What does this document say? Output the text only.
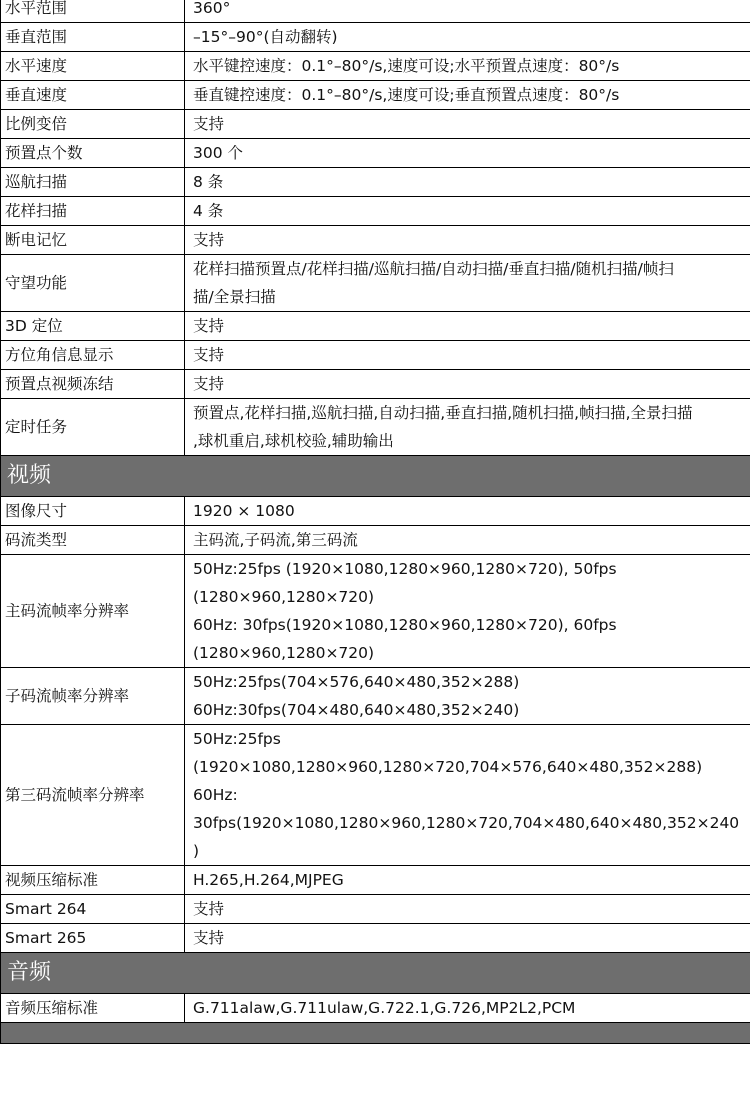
水平范围	360°

垂直范围	–15°–90°(自动翻转)

水平速度	水平键控速度：0.1°–80°/s,速度可设;水平预置点速度：80°/s

垂直速度	垂直键控速度：0.1°–80°/s,速度可设;垂直预置点速度：80°/s

比例变倍	支持

预置点个数	300 个

巡航扫描	8 条

花样扫描	4 条

断电记忆	支持

守望功能	花样扫描预置点/花样扫描/巡航扫描/自动扫描/垂直扫描/随机扫描/帧扫
描/全景扫描

3D 定位	支持

方位角信息显示	支持

预置点视频冻结	支持

定时任务	预置点,花样扫描,巡航扫描,自动扫描,垂直扫描,随机扫描,帧扫描,全景扫描
,球机重启,球机校验,辅助输出

视频	
图像尺寸	1920 × 1080

码流类型	主码流,子码流,第三码流

主码流帧率分辨率	50Hz:25fps (1920×1080,1280×960,1280×720), 50fps
(1280×960,1280×720)
60Hz: 30fps(1920×1080,1280×960,1280×720), 60fps
(1280×960,1280×720)

子码流帧率分辨率	50Hz:25fps(704×576,640×480,352×288)
60Hz:30fps(704×480,640×480,352×240)

第三码流帧率分辨率	50Hz:25fps
(1920×1080,1280×960,1280×720,704×576,640×480,352×288)
60Hz:
30fps(1920×1080,1280×960,1280×720,704×480,640×480,352×240
)

视频压缩标准	H.265,H.264,MJPEG

Smart 264	支持

Smart 265	支持

音频	
音频压缩标准	G.711alaw,G.711ulaw,G.722.1,G.726,MP2L2,PCM
